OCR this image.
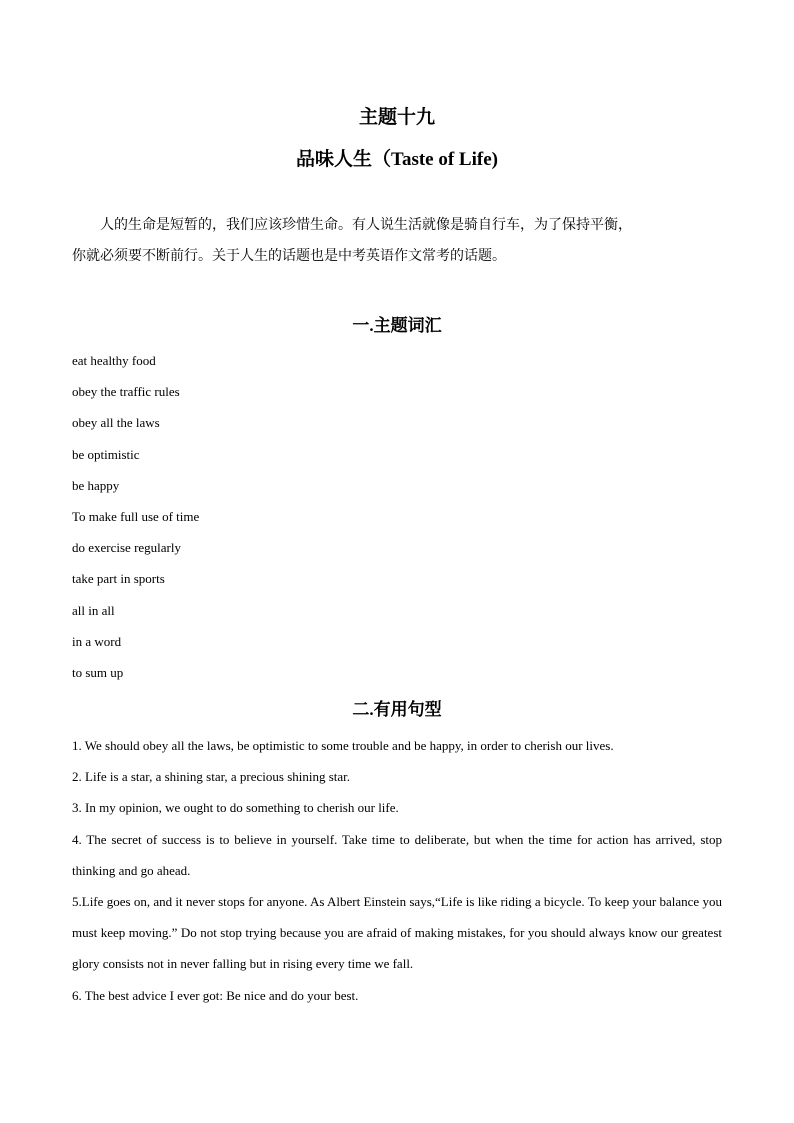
主题十九
品味人生（Taste of Life)
人的生命是短暂的，我们应该珍惜生命。有人说生活就像是骑自行车，为了保持平衡，
你就必须要不断前行。关于人生的话题也是中考英语作文常考的话题。
一.主题词汇
eat healthy food
obey the traffic rules
obey all the laws
be optimistic
be happy
To make full use of time
do exercise regularly
take part in sports
all in all
in a word
to sum up
二.有用句型
1. We should obey all the laws, be optimistic to some trouble and be happy, in order to cherish our lives.
2. Life is a star, a shining star, a precious shining star.
3. In my opinion, we ought to do something to cherish our life.
4. The secret of success is to believe in yourself. Take time to deliberate, but when the time for action has arrived, stop thinking and go ahead.
5.Life goes on, and it never stops for anyone. As Albert Einstein says,“Life is like riding a bicycle. To keep your balance you must keep moving.” Do not stop trying because you are afraid of making mistakes, for you should always know our greatest glory consists not in never falling but in rising every time we fall.
6. The best advice I ever got: Be nice and do your best.
